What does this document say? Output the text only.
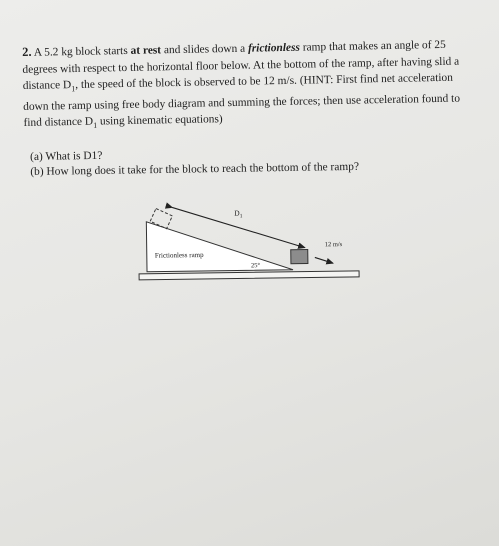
2. A 5.2 kg block starts at rest and slides down a frictionless ramp that makes an angle of 25 degrees with respect to the horizontal floor below. At the bottom of the ramp, after having slid a distance $D_1$, the speed of the block is observed to be 12 m/s. (HINT: First find net acceleration down the ramp using free body diagram and summing the forces; then use acceleration found to find distance $D_1$ using kinematic equations)
(a) What is D1?
(b) How long does it take for the block to reach the bottom of the ramp?
$D_1$
Frictionless ramp
25°
12 m/s
